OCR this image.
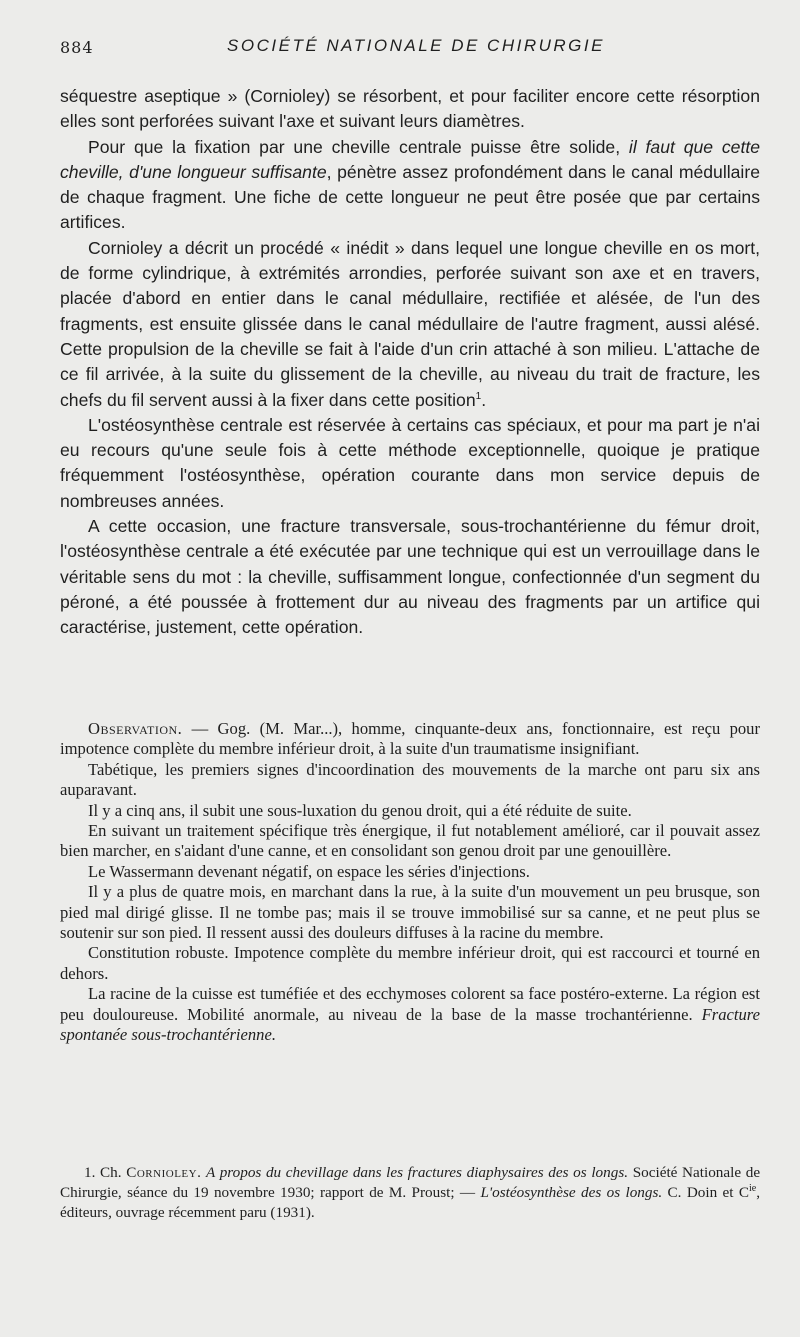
884	SOCIÉTÉ NATIONALE DE CHIRURGIE

séquestre aseptique » (Cornioley) se résorbent, et pour faciliter encore cette résorption elles sont perforées suivant l'axe et suivant leurs diamètres.

Pour que la fixation par une cheville centrale puisse être solide, il faut que cette cheville, d'une longueur suffisante, pénètre assez profondément dans le canal médullaire de chaque fragment. Une fiche de cette longueur ne peut être posée que par certains artifices.

Cornioley a décrit un procédé « inédit » dans lequel une longue cheville en os mort, de forme cylindrique, à extrémités arrondies, perforée suivant son axe et en travers, placée d'abord en entier dans le canal médullaire, rectifiée et alésée, de l'un des fragments, est ensuite glissée dans le canal médullaire de l'autre fragment, aussi alésé. Cette propulsion de la cheville se fait à l'aide d'un crin attaché à son milieu. L'attache de ce fil arrivée, à la suite du glissement de la cheville, au niveau du trait de fracture, les chefs du fil servent aussi à la fixer dans cette position$^1$.

L'ostéosynthèse centrale est réservée à certains cas spéciaux, et pour ma part je n'ai eu recours qu'une seule fois à cette méthode exceptionnelle, quoique je pratique fréquemment l'ostéosynthèse, opération courante dans mon service depuis de nombreuses années.

A cette occasion, une fracture transversale, sous-trochantérienne du fémur droit, l'ostéosynthèse centrale a été exécutée par une technique qui est un verrouillage dans le véritable sens du mot : la cheville, suffisamment longue, confectionnée d'un segment du péroné, a été poussée à frottement dur au niveau des fragments par un artifice qui caractérise, justement, cette opération.

Observation. — Gog. (M. Mar...), homme, cinquante-deux ans, fonctionnaire, est reçu pour impotence complète du membre inférieur droit, à la suite d'un traumatisme insignifiant.

Tabétique, les premiers signes d'incoordination des mouvements de la marche ont paru six ans auparavant.

Il y a cinq ans, il subit une sous-luxation du genou droit, qui a été réduite de suite.

En suivant un traitement spécifique très énergique, il fut notablement amélioré, car il pouvait assez bien marcher, en s'aidant d'une canne, et en consolidant son genou droit par une genouillère.

Le Wassermann devenant négatif, on espace les séries d'injections.

Il y a plus de quatre mois, en marchant dans la rue, à la suite d'un mouvement un peu brusque, son pied mal dirigé glisse. Il ne tombe pas; mais il se trouve immobilisé sur sa canne, et ne peut plus se soutenir sur son pied. Il ressent aussi des douleurs diffuses à la racine du membre.

Constitution robuste. Impotence complète du membre inférieur droit, qui est raccourci et tourné en dehors.

La racine de la cuisse est tuméfiée et des ecchymoses colorent sa face postéro-externe. La région est peu douloureuse. Mobilité anormale, au niveau de la base de la masse trochantérienne. Fracture spontanée sous-trochantérienne.

1. Ch. Cornioley. A propos du chevillage dans les fractures diaphysaires des os longs. Société Nationale de Chirurgie, séance du 19 novembre 1930; rapport de M. Proust; — L'ostéosynthèse des os longs. C. Doin et $C^{ie}$, éditeurs, ouvrage récemment paru (1931).
